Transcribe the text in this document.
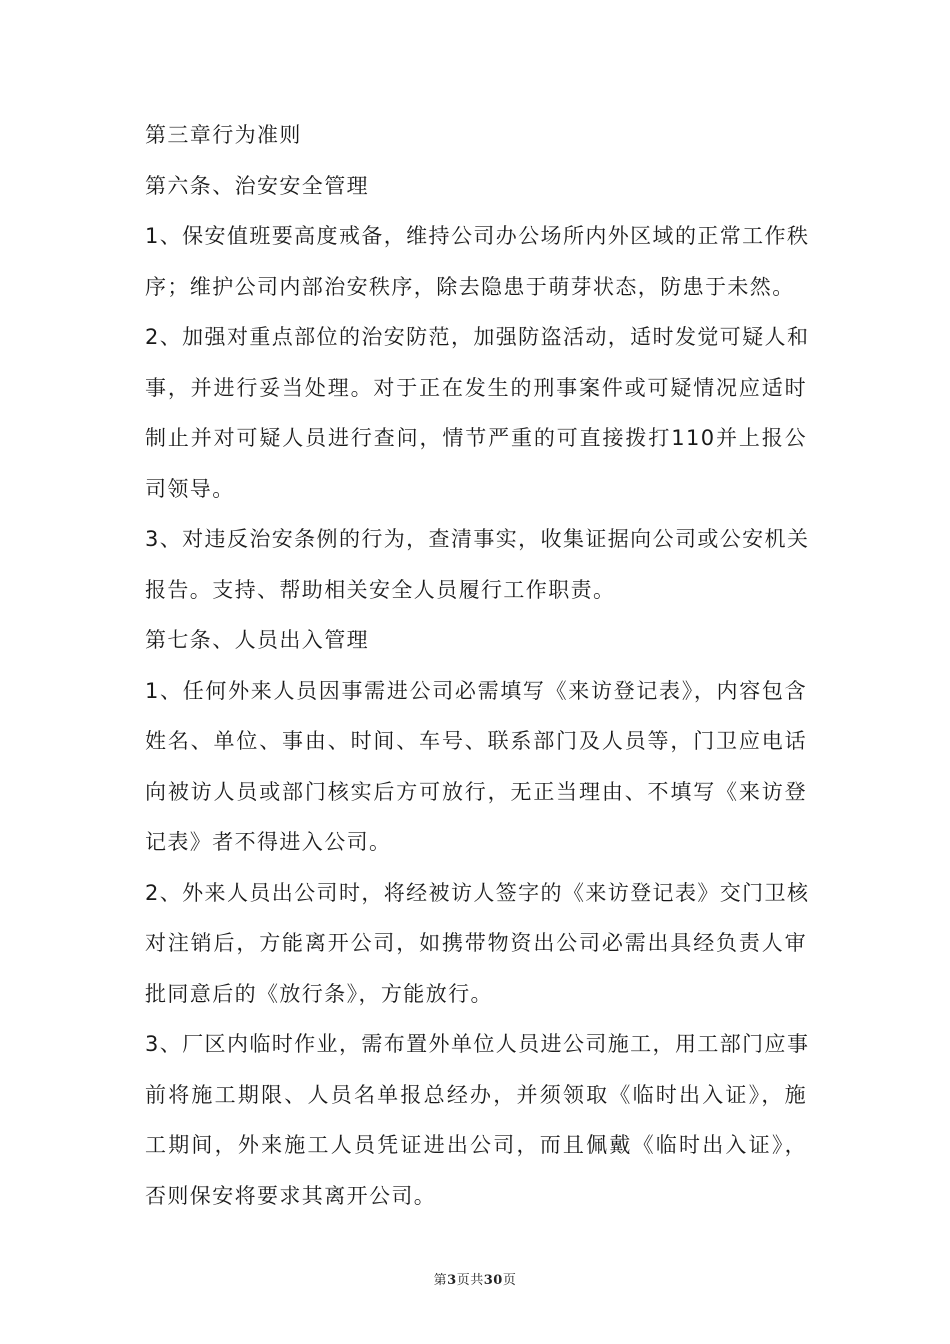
第三章行为准则
第六条、治安安全管理
1、保安值班要高度戒备，维持公司办公场所内外区域的正常工作秩
序；维护公司内部治安秩序，除去隐患于萌芽状态，防患于未然。
2、加强对重点部位的治安防范，加强防盗活动，适时发觉可疑人和
事，并进行妥当处理。对于正在发生的刑事案件或可疑情况应适时
制止并对可疑人员进行查问，情节严重的可直接拨打110并上报公
司领导。
3、对违反治安条例的行为，查清事实，收集证据向公司或公安机关
报告。支持、帮助相关安全人员履行工作职责。
第七条、人员出入管理
1、任何外来人员因事需进公司必需填写《来访登记表》，内容包含
姓名、单位、事由、时间、车号、联系部门及人员等，门卫应电话
向被访人员或部门核实后方可放行，无正当理由、不填写《来访登
记表》者不得进入公司。
2、外来人员出公司时，将经被访人签字的《来访登记表》交门卫核
对注销后，方能离开公司，如携带物资出公司必需出具经负责人审
批同意后的《放行条》，方能放行。
3、厂区内临时作业，需布置外单位人员进公司施工，用工部门应事
前将施工期限、人员名单报总经办，并须领取《临时出入证》，施
工期间，外来施工人员凭证进出公司，而且佩戴《临时出入证》，
否则保安将要求其离开公司。
第3页共30页
